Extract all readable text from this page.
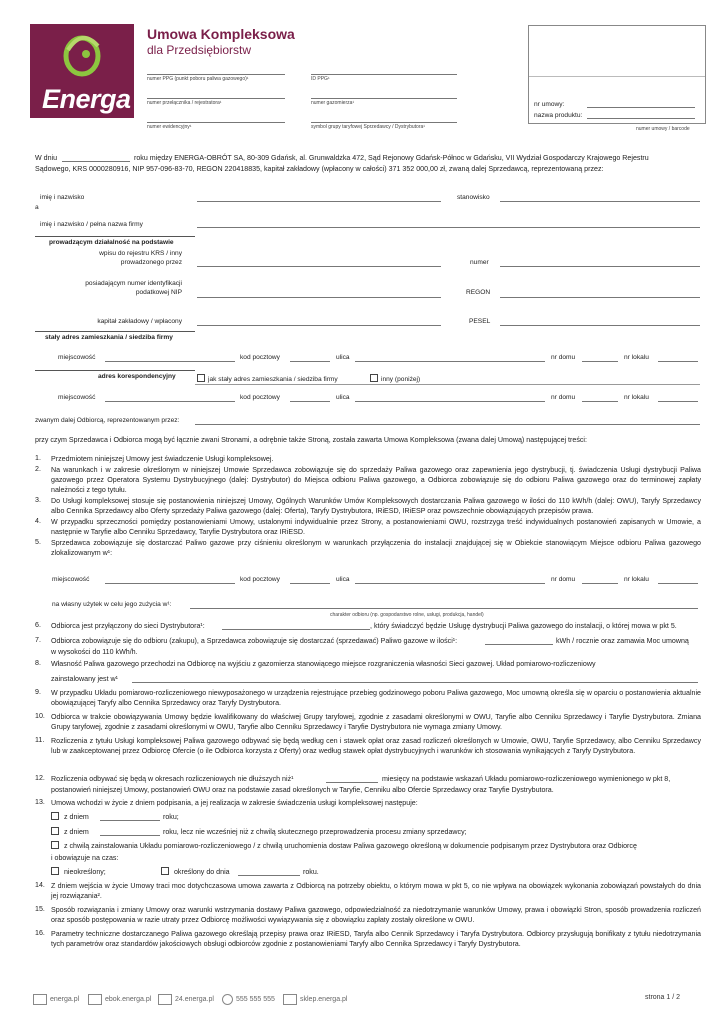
Energa
Umowa Kompleksowa
dla Przedsiębiorstw
numer PPG (punkt poboru paliwa gazowego)¹	ID PPG¹
numer przełącznika / rejestratora¹	numer gazomierza¹
numer ewidencyjny¹	symbol grupy taryfowej Sprzedawcy / Dystrybutora¹
nr umowy:
nazwa produktu:
numer umowy / barcode
W dniu	roku między ENERGA-OBRÓT SA, 80-309 Gdańsk, al. Grunwaldzka 472, Sąd Rejonowy Gdańsk-Północ w Gdańsku, VII Wydział Gospodarczy Krajowego Rejestru
Sądowego, KRS 0000280916, NIP 957-096-83-70, REGON 220418835, kapitał zakładowy (wpłacony w całości) 371 352 000,00 zł, zwaną dalej Sprzedawcą, reprezentowaną przez:
imię i nazwisko	stanowisko
a
imię i nazwisko / pełna nazwa firmy
prowadzącym działalność na podstawie
wpisu do rejestru KRS / inny
prowadzonego przez	numer
posiadającym numer identyfikacji
podatkowej NIP	REGON
kapitał zakładowy / wpłacony	PESEL
stały adres zamieszkania / siedziba firmy
miejscowość	kod pocztowy	ulica	nr domu	nr lokalu
adres korespondencyjny	jak stały adres zamieszkania / siedziba firmy	inny (poniżej)
miejscowość	kod pocztowy	ulica	nr domu	nr lokalu
zwanym dalej Odbiorcą, reprezentowanym przez:
przy czym Sprzedawca i Odbiorca mogą być łącznie zwani Stronami, a odrębnie także Stroną, została zawarta Umowa Kompleksowa (zwana dalej Umową) następującej treści:
1. Przedmiotem niniejszej Umowy jest świadczenie Usługi kompleksowej.
2. Na warunkach i w zakresie określonym w niniejszej Umowie Sprzedawca zobowiązuje się do sprzedaży Paliwa gazowego oraz zapewnienia jego dystrybucji, tj. świadczenia Usługi dystrybucji Paliwa gazowego przez Operatora Systemu Dystrybucyjnego (dalej: Dystrybutor) do Miejsca odbioru Paliwa gazowego, a Odbiorca zobowiązuje się do odbioru Paliwa gazowego oraz do terminowej zapłaty należności z tego tytułu.
3. Do Usługi kompleksowej stosuje się postanowienia niniejszej Umowy, Ogólnych Warunków Umów Kompleksowych dostarczania Paliwa gazowego w ilości do 110 kWh/h (dalej: OWU), Taryfy Sprzedawcy albo Cennika Sprzedawcy albo Oferty sprzedaży Paliwa gazowego (dalej: Oferta), Taryfy Dystrybutora, IRiESD, IRiESP oraz powszechnie obowiązujących przepisów prawa.
4. W przypadku sprzeczności pomiędzy postanowieniami Umowy, ustalonymi indywidualnie przez Strony, a postanowieniami OWU, rozstrzyga treść indywidualnych postanowień zapisanych w Umowie, a następnie w Taryfie albo Cenniku Sprzedawcy, Taryfie Dystrybutora oraz IRiESD.
5. Sprzedawca zobowiązuje się dostarczać Paliwo gazowe przy ciśnieniu określonym w warunkach przyłączenia do instalacji znajdującej się w Obiekcie stanowiącym Miejsce odbioru Paliwa gazowego zlokalizowanym w¹:
miejscowość	kod pocztowy	ulica	nr domu	nr lokalu
na własny użytek w celu jego zużycia w¹:
charakter odbioru (np. gospodarstwo rolne, usługi, produkcja, handel)
6. Odbiorca jest przyłączony do sieci Dystrybutora¹:	, który świadczyć będzie Usługę dystrybucji Paliwa gazowego do instalacji, o której mowa w pkt 5.
7. Odbiorca zobowiązuje się do odbioru (zakupu), a Sprzedawca zobowiązuje się dostarczać (sprzedawać) Paliwo gazowe w ilości¹:	kWh / rocznie oraz zamawia Moc umowną
w wysokości do 110 kWh/h.
8. Własność Paliwa gazowego przechodzi na Odbiorcę na wyjściu z gazomierza stanowiącego miejsce rozgraniczenia własności Sieci gazowej. Układ pomiarowo-rozliczeniowy
zainstalowany jest w¹
9. W przypadku Układu pomiarowo-rozliczeniowego niewyposażonego w urządzenia rejestrujące przebieg godzinowego poboru Paliwa gazowego, Moc umowną określa się w oparciu o postanowienia aktualnie obowiązującej Taryfy albo Cennika Sprzedawcy oraz Taryfy Dystrybutora.
10. Odbiorca w trakcie obowiązywania Umowy będzie kwalifikowany do właściwej Grupy taryfowej, zgodnie z zasadami określonymi w OWU, Taryfie albo Cenniku Sprzedawcy i Taryfie Dystrybutora. Zmiana Grupy taryfowej, zgodnie z zasadami określonymi w OWU, Taryfie albo Cenniku Sprzedawcy i Taryfie Dystrybutora nie wymaga zmiany Umowy.
11. Rozliczenia z tytułu Usługi kompleksowej Paliwa gazowego odbywać się będą według cen i stawek opłat oraz zasad rozliczeń określonych w Umowie, OWU, Taryfie Sprzedawcy, albo Cenniku Sprzedawcy lub w zaakceptowanej przez Odbiorcę Ofercie (o ile Odbiorca korzysta z Oferty) oraz według stawek opłat dystrybucyjnych i warunków ich stosowania wynikających z Taryfy Dystrybutora.
12. Rozliczenia odbywać się będą w okresach rozliczeniowych nie dłuższych niż¹	miesięcy na podstawie wskazań Układu pomiarowo-rozliczeniowego wymienionego w pkt 8,
postanowień niniejszej Umowy, postanowień OWU oraz na podstawie zasad określonych w Taryfie, Cenniku albo Ofercie Sprzedawcy oraz Taryfie Dystrybutora.
13. Umowa wchodzi w życie z dniem podpisania, a jej realizacja w zakresie świadczenia usługi kompleksowej następuje:
z dniem	roku;
z dniem	roku, lecz nie wcześniej niż z chwilą skutecznego przeprowadzenia procesu zmiany sprzedawcy;
z chwilą zainstalowania Układu pomiarowo-rozliczeniowego / z chwilą uruchomienia dostaw Paliwa gazowego określoną w dokumencie podpisanym przez Dystrybutora oraz Odbiorcę
i obowiązuje na czas:
nieokreślony;	określony do dnia	roku.
14. Z dniem wejścia w życie Umowy traci moc dotychczasowa umowa zawarta z Odbiorcą na potrzeby obiektu, o którym mowa w pkt 5, co nie wpływa na obowiązek wykonania zobowiązań powstałych do dnia jej rozwiązania².
15. Sposób rozwiązania i zmiany Umowy oraz warunki wstrzymania dostawy Paliwa gazowego, odpowiedzialność za niedotrzymanie warunków Umowy, prawa i obowiązki Stron, sposób prowadzenia rozliczeń oraz sposób postępowania w razie utraty przez Odbiorcę możliwości wywiązywania się z obowiązku zapłaty zostały określone w OWU.
16. Parametry techniczne dostarczanego Paliwa gazowego określają przepisy prawa oraz IRiESD, Taryfa albo Cennik Sprzedawcy i Taryfa Dystrybutora. Odbiorcy przysługują bonifikaty z tytułu niedotrzymania tych parametrów oraz standardów jakościowych obsługi odbiorców zgodnie z postanowieniami Taryfy albo Cennika Sprzedawcy i Taryfy Dystrybutora.
energa.pl	ebok.energa.pl	24.energa.pl	555 555 555	sklep.energa.pl	strona 1 / 2
